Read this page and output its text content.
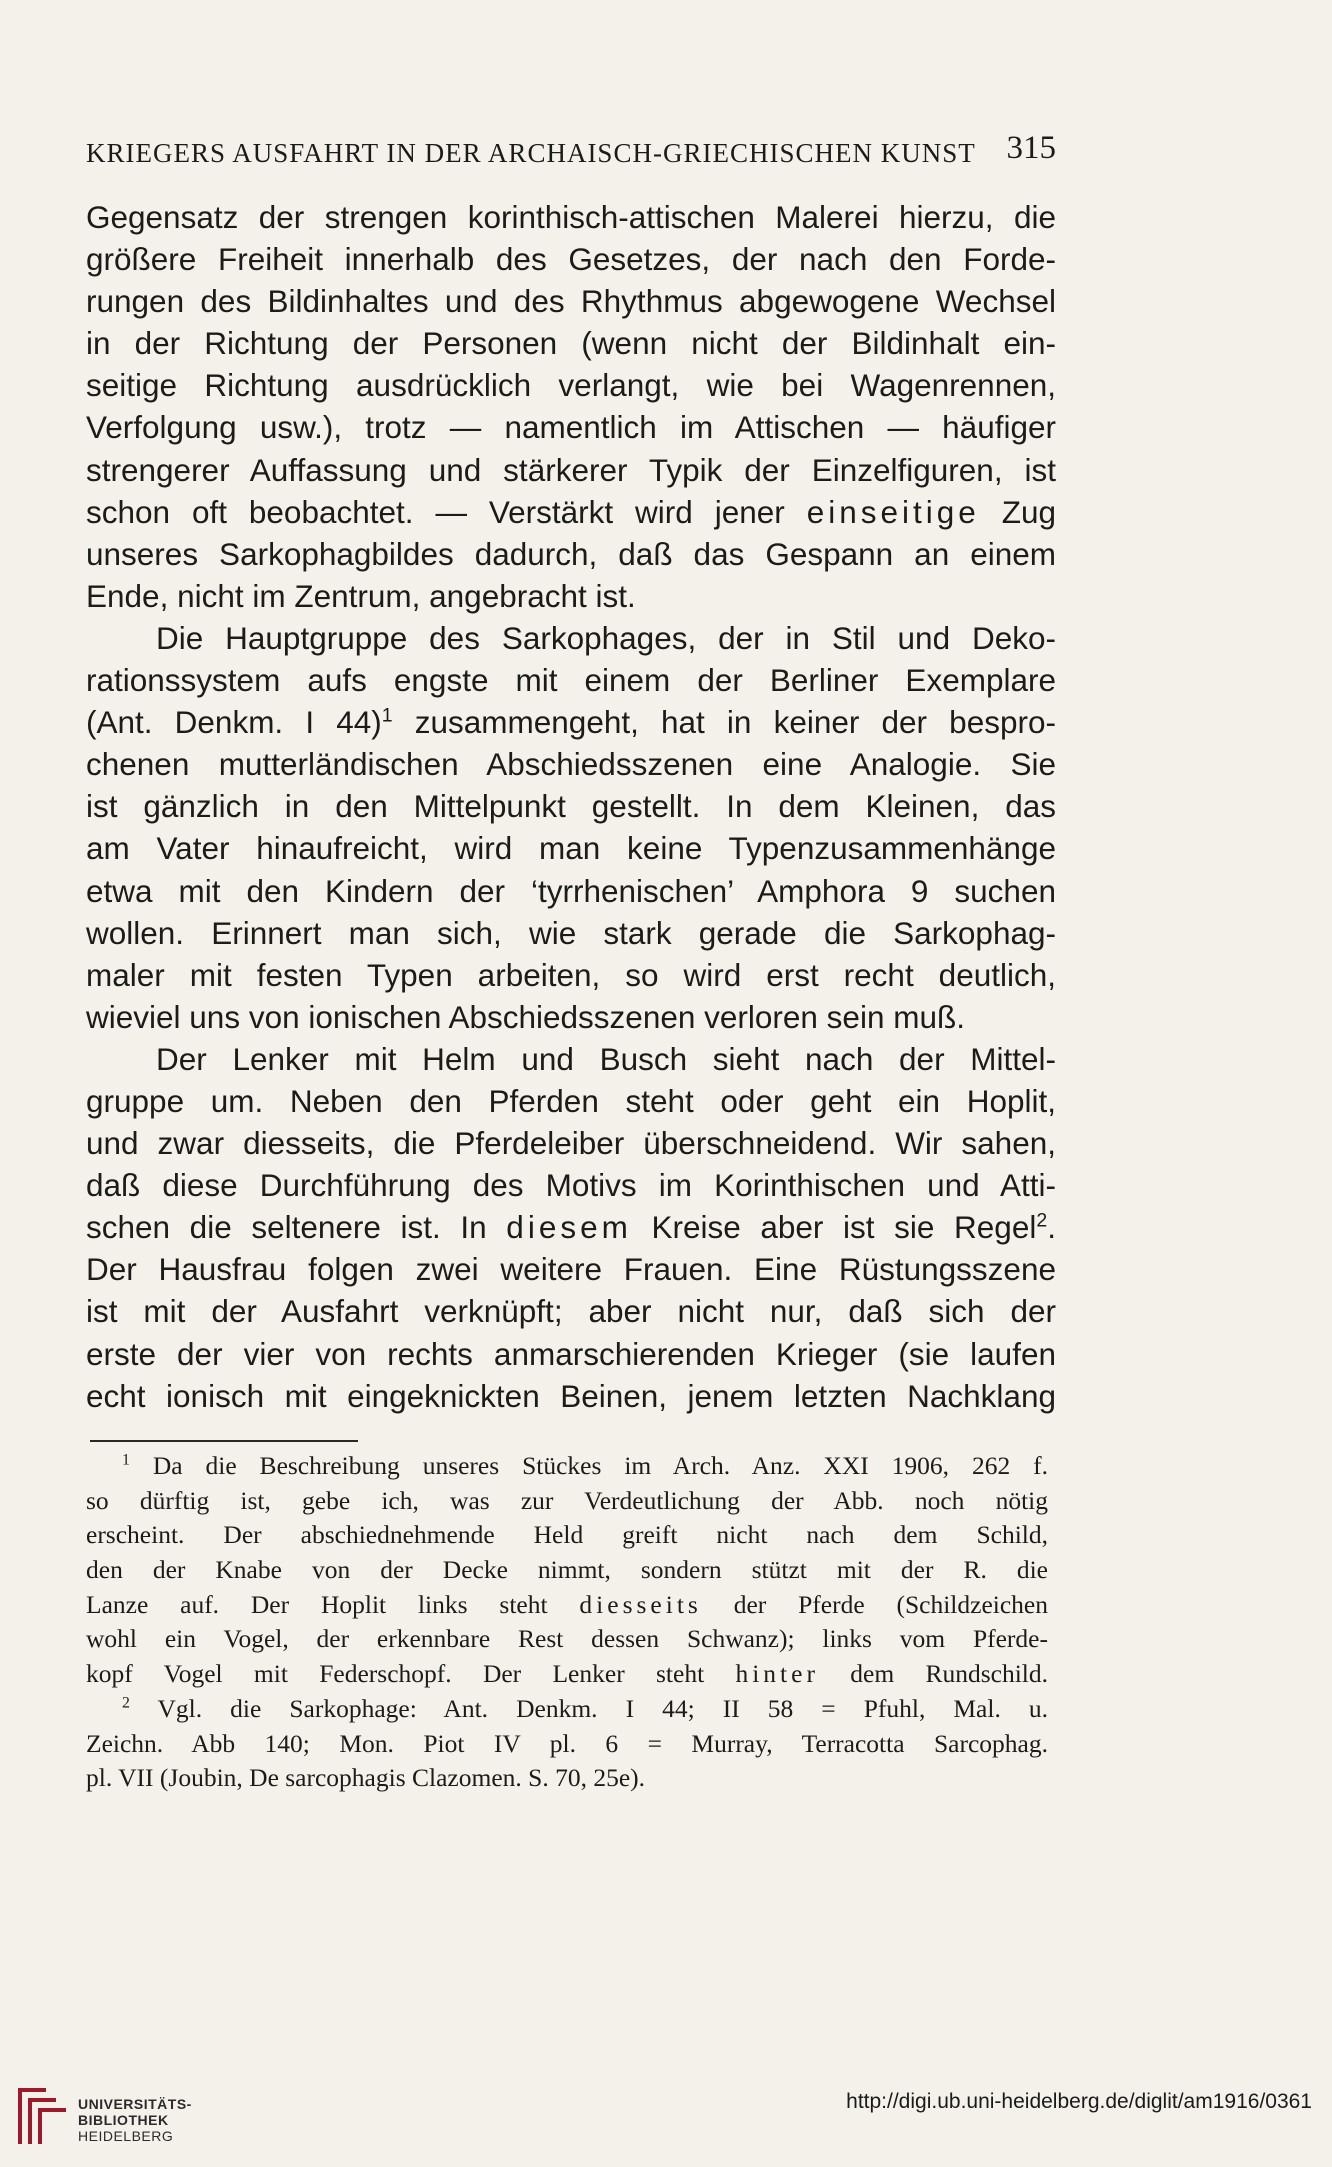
KRIEGERS AUSFAHRT IN DER ARCHAISCH-GRIECHISCHEN KUNST 315
Gegensatz der strengen korinthisch-attischen Malerei hierzu, die
größere Freiheit innerhalb des Gesetzes, der nach den Forde-
rungen des Bildinhaltes und des Rhythmus abgewogene Wechsel
in der Richtung der Personen (wenn nicht der Bildinhalt ein-
seitige Richtung ausdrücklich verlangt, wie bei Wagenrennen,
Verfolgung usw.), trotz — namentlich im Attischen — häufiger
strengerer Auffassung und stärkerer Typik der Einzelfiguren, ist
schon oft beobachtet. — Verstärkt wird jener einseitige Zug
unseres Sarkophagbildes dadurch, daß das Gespann an einem
Ende, nicht im Zentrum, angebracht ist.
Die Hauptgruppe des Sarkophages, der in Stil und Deko-
rationssystem aufs engste mit einem der Berliner Exemplare
(Ant. Denkm. I 44)$^1$ zusammengeht, hat in keiner der bespro-
chenen mutterländischen Abschiedsszenen eine Analogie. Sie
ist gänzlich in den Mittelpunkt gestellt. In dem Kleinen, das
am Vater hinaufreicht, wird man keine Typenzusammenhänge
etwa mit den Kindern der ‘tyrrhenischen’ Amphora 9 suchen
wollen. Erinnert man sich, wie stark gerade die Sarkophag-
maler mit festen Typen arbeiten, so wird erst recht deutlich,
wieviel uns von ionischen Abschiedsszenen verloren sein muß.
Der Lenker mit Helm und Busch sieht nach der Mittel-
gruppe um. Neben den Pferden steht oder geht ein Hoplit,
und zwar diesseits, die Pferdeleiber überschneidend. Wir sahen,
daß diese Durchführung des Motivs im Korinthischen und Atti-
schen die seltenere ist. In diesem Kreise aber ist sie Regel$^2$.
Der Hausfrau folgen zwei weitere Frauen. Eine Rüstungsszene
ist mit der Ausfahrt verknüpft; aber nicht nur, daß sich der
erste der vier von rechts anmarschierenden Krieger (sie laufen
echt ionisch mit eingeknickten Beinen, jenem letzten Nachklang
$^1$ Da die Beschreibung unseres Stückes im Arch. Anz. XXI 1906, 262 f.
so dürftig ist, gebe ich, was zur Verdeutlichung der Abb. noch nötig
erscheint. Der abschiednehmende Held greift nicht nach dem Schild,
den der Knabe von der Decke nimmt, sondern stützt mit der R. die
Lanze auf. Der Hoplit links steht diesseits der Pferde (Schildzeichen
wohl ein Vogel, der erkennbare Rest dessen Schwanz); links vom Pferde-
kopf Vogel mit Federschopf. Der Lenker steht hinter dem Rundschild.
$^2$ Vgl. die Sarkophage: Ant. Denkm. I 44; II 58 = Pfuhl, Mal. u.
Zeichn. Abb 140; Mon. Piot IV pl. 6 = Murray, Terracotta Sarcophag.
pl. VII (Joubin, De sarcophagis Clazomen. S. 70, 25e).
UNIVERSITÄTS-
BIBLIOTHEK
HEIDELBERG
http://digi.ub.uni-heidelberg.de/diglit/am1916/0361
